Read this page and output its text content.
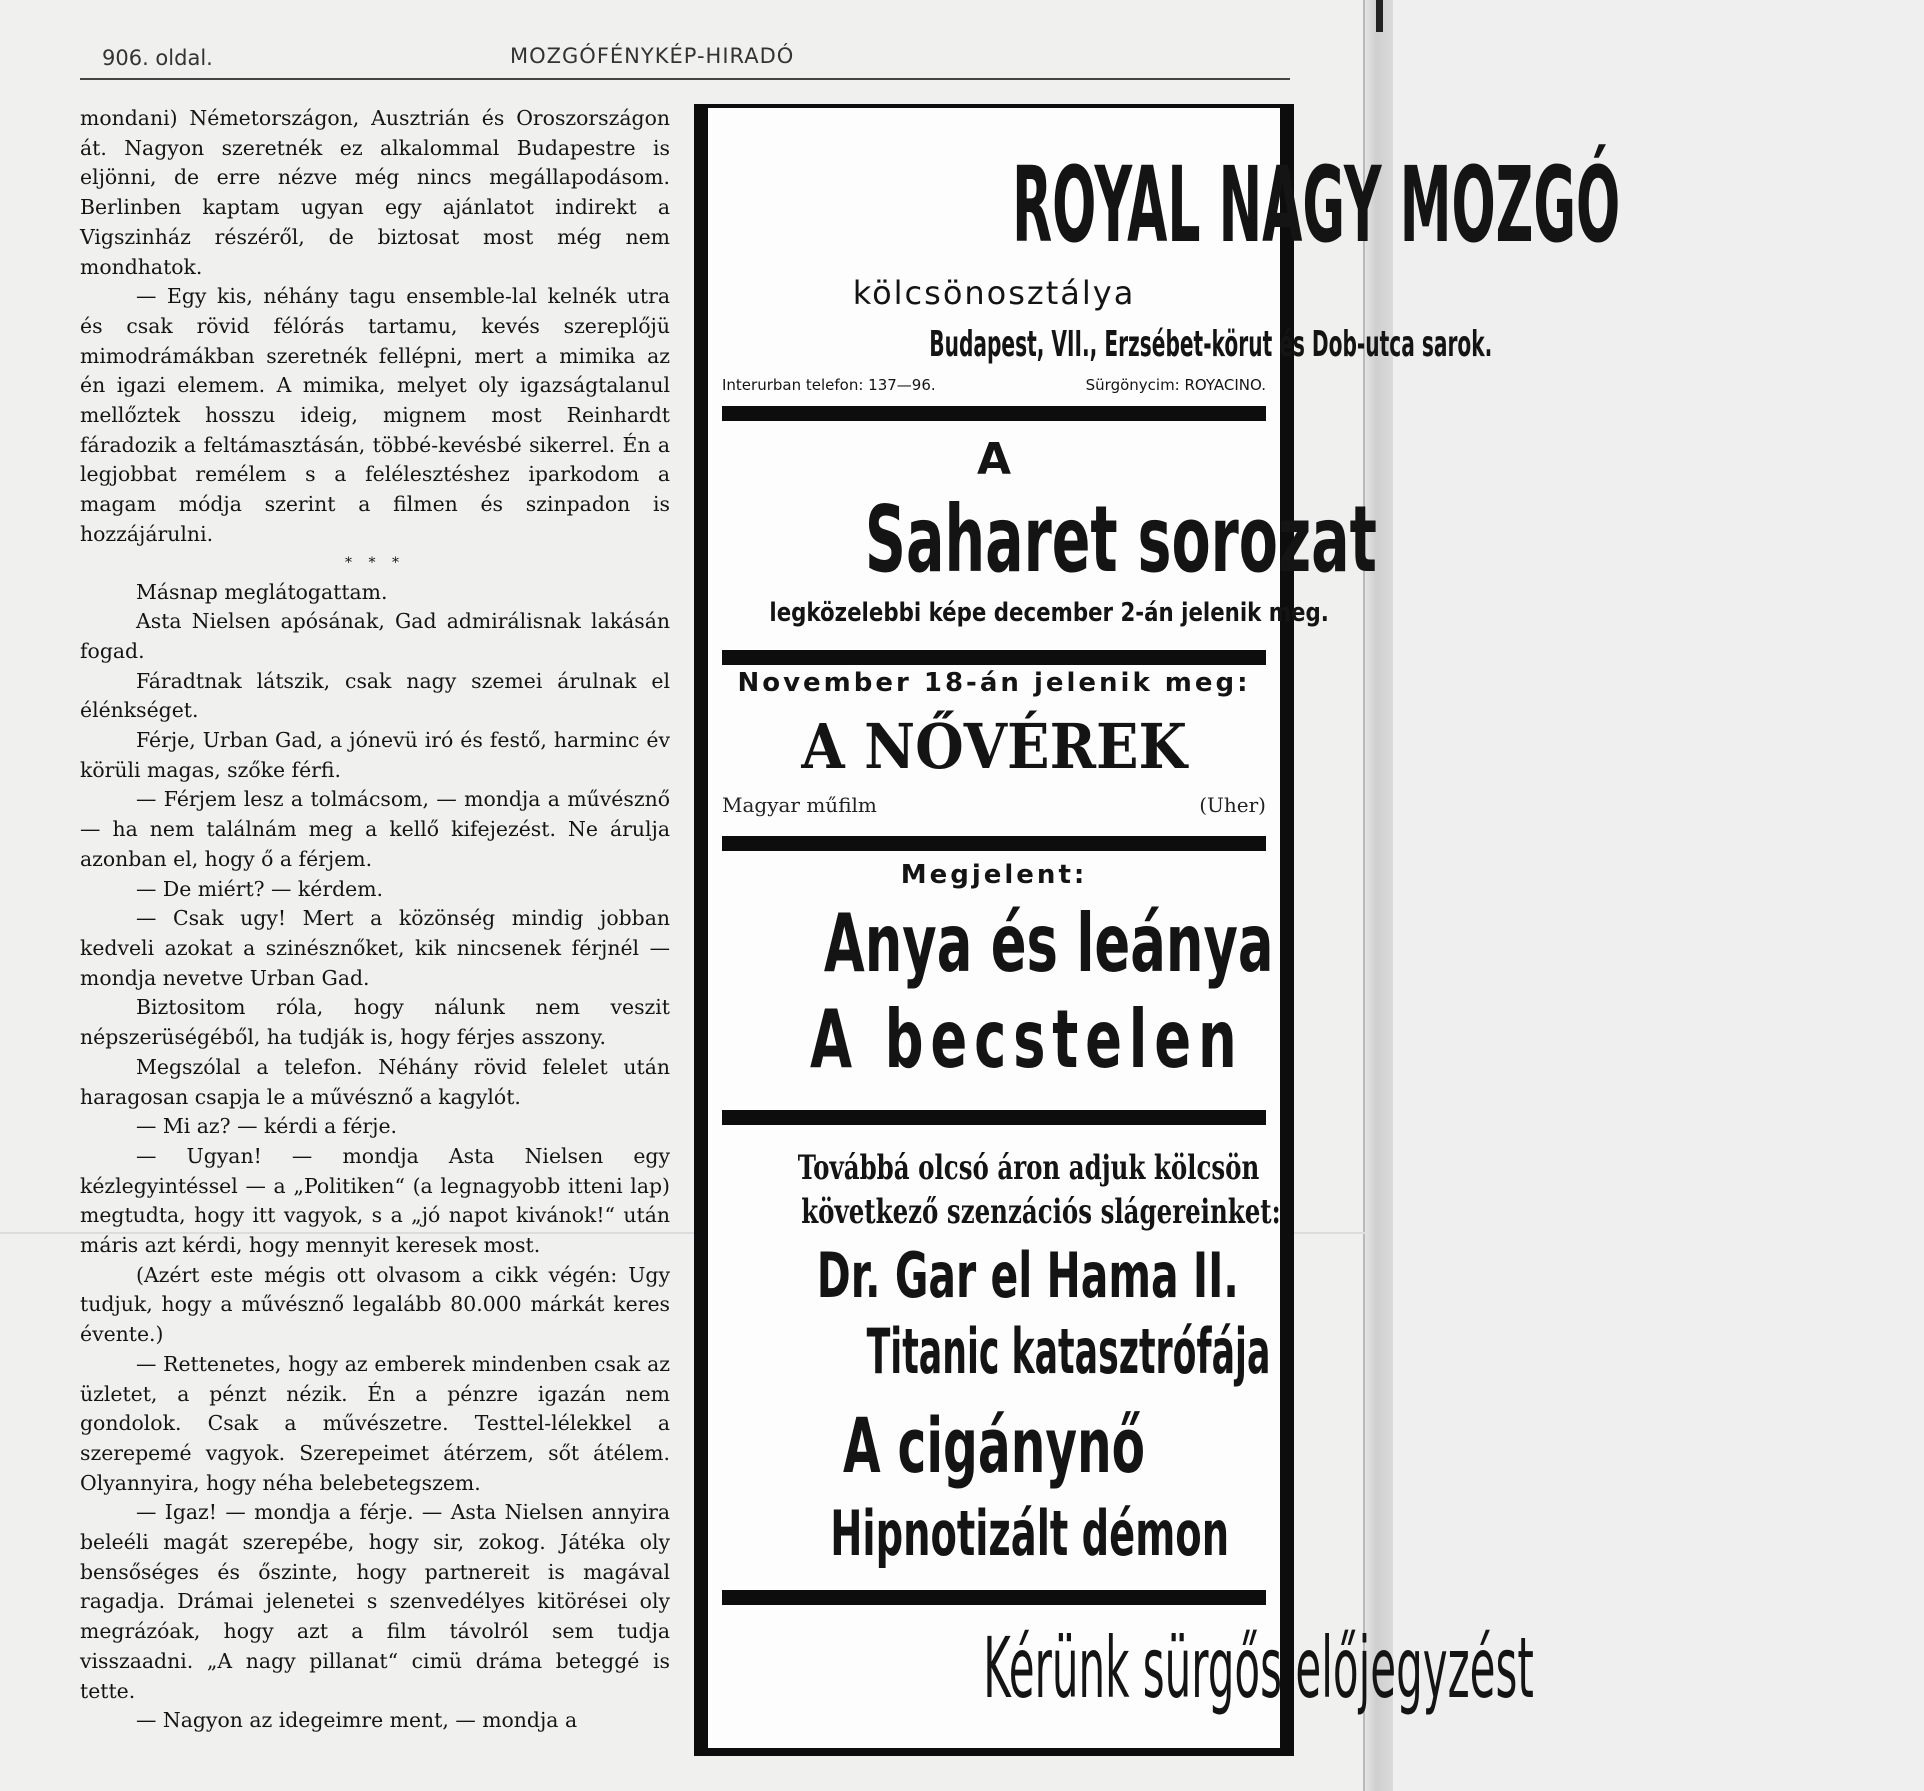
906. oldal.	MOZGÓFÉNYKÉP-HIRADÓ

mondani) Németországon, Ausztrián és Oroszországon át. Nagyon szeretnék ez alkalommal Budapestre is eljönni, de erre nézve még nincs megállapodásom. Berlinben kaptam ugyan egy ajánlatot indirekt a Vigszinház részéről, de biztosat most még nem mondhatok.

— Egy kis, néhány tagu ensemble-lal kelnék utra és csak rövid félórás tartamu, kevés szereplőjü mimodrámákban szeretnék fellépni, mert a mimika az én igazi elemem. A mimika, melyet oly igazságtalanul mellőztek hosszu ideig, mignem most Reinhardt fáradozik a feltámasztásán, többé-kevésbé sikerrel. Én a legjobbat remélem s a felélesztéshez iparkodom a magam módja szerint a filmen és szinpadon is hozzájárulni.

* * *

Másnap meglátogattam.

Asta Nielsen apósának, Gad admirálisnak lakásán fogad.

Fáradtnak látszik, csak nagy szemei árulnak el élénkséget.

Férje, Urban Gad, a jónevü iró és festő, harminc év körüli magas, szőke férfi.

— Férjem lesz a tolmácsom, — mondja a művésznő — ha nem találnám meg a kellő kifejezést. Ne árulja azonban el, hogy ő a férjem.

— De miért? — kérdem.

— Csak ugy! Mert a közönség mindig jobban kedveli azokat a szinésznőket, kik nincsenek férjnél — mondja nevetve Urban Gad.

Biztositom róla, hogy nálunk nem veszit népszerüségéből, ha tudják is, hogy férjes asszony.

Megszólal a telefon. Néhány rövid felelet után haragosan csapja le a művésznő a kagylót.

— Mi az? — kérdi a férje.

— Ugyan! — mondja Asta Nielsen egy kézlegyintéssel — a „Politiken“ (a legnagyobb itteni lap) megtudta, hogy itt vagyok, s a „jó napot kivánok!“ után máris azt kérdi, hogy mennyit keresek most.

(Azért este mégis ott olvasom a cikk végén: Ugy tudjuk, hogy a művésznő legalább 80.000 márkát keres évente.)

— Rettenetes, hogy az emberek mindenben csak az üzletet, a pénzt nézik. Én a pénzre igazán nem gondolok. Csak a művészetre. Testtel-lélekkel a szerepemé vagyok. Szerepeimet átérzem, sőt átélem. Olyannyira, hogy néha belebetegszem.

— Igaz! — mondja a férje. — Asta Nielsen annyira beleéli magát szerepébe, hogy sir, zokog. Játéka oly bensőséges és őszinte, hogy partnereit is magával ragadja. Drámai jelenetei s szenvedélyes kitörései oly megrázóak, hogy azt a film távolról sem tudja visszaadni. „A nagy pillanat“ cimü dráma beteggé is tette.

— Nagyon az idegeimre ment, — mondja a

ROYAL NAGY MOZGÓ
kölcsönosztálya
Budapest, VII., Erzsébet-körut és Dob-utca sarok.
Interurban telefon: 137—96.	Sürgönycim: ROYACINO.
A
Saharet sorozat
legközelebbi képe december 2-án jelenik meg.
November 18-án jelenik meg:
A NŐVÉREK
Magyar műfilm	(Uher)
Megjelent:
Anya és leánya
A becstelen
Továbbá olcsó áron adjuk kölcsön
következő szenzációs slágereinket:
Dr. Gar el Hama II.
Titanic katasztrófája
A cigánynő
Hipnotizált démon
Kérünk sürgős előjegyzést
